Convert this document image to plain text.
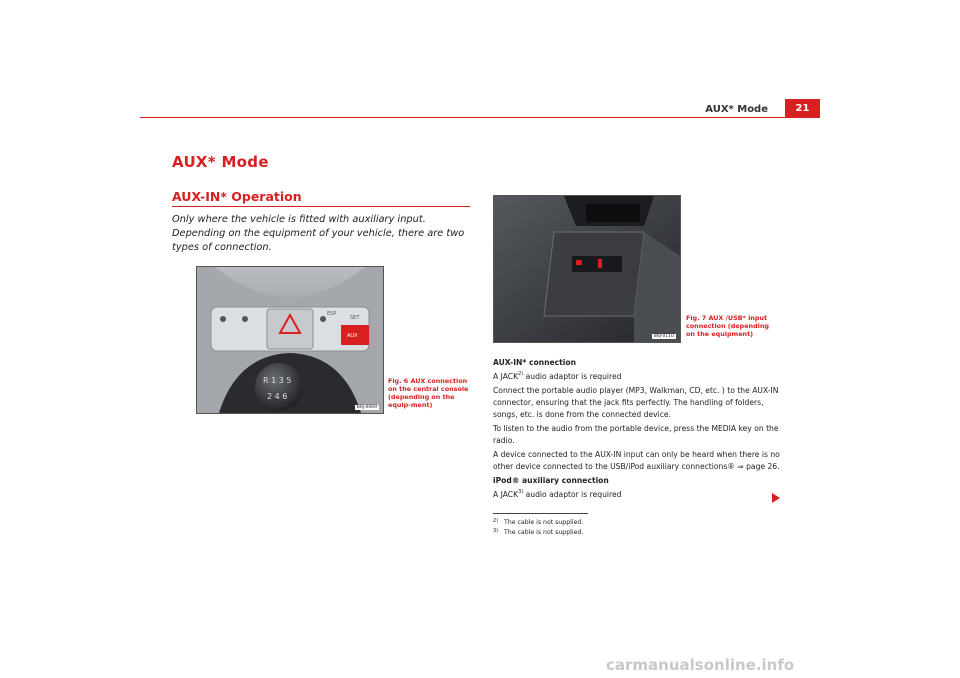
AUX* Mode	21
AUX* Mode
AUX-IN* Operation
Only where the vehicle is fitted with auxiliary input. Depending on the equipment of your vehicle, there are two types of connection.
ESP
SET
AUX
R 1 3 5
2 4 6
B6J-0069
Fig. 6 AUX connection on the central console (depending on the equip-ment)
B6J-0110
Fig. 7 AUX /USB* input connection (depending on the equipment)

AUX-IN* connection

A JACK$^{2)}$ audio adaptor is required

Connect the portable audio player (MP3, Walkman, CD, etc. ) to the AUX-IN connector, ensuring that the jack fits perfectly. The handling of folders, songs, etc. is done from the connected device.

To listen to the audio from the portable device, press the MEDIA key on the radio.

A device connected to the AUX-IN input can only be heard when there is no other device connected to the USB/iPod auxiliary connections® ⇒ page 26.

iPod® auxiliary connection

A JACK$^{3)}$ audio adaptor is required

$^{2)}$ The cable is not supplied.
$^{3)}$ The cable is not supplied.
carmanualsonline.info
